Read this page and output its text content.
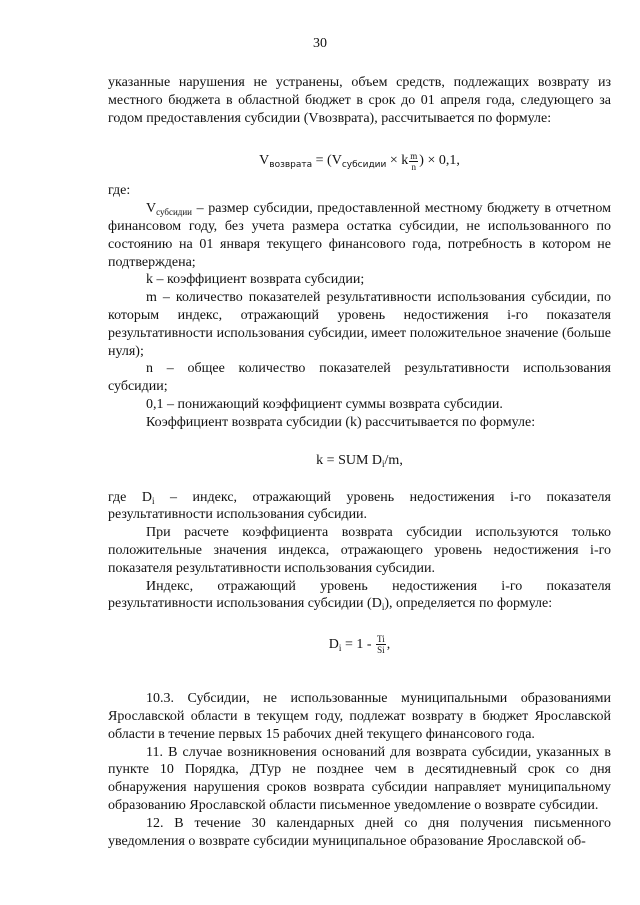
30

указанные нарушения не устранены, объем средств, подлежащих возврату из местного бюджета в областной бюджет в срок до 01 апреля года, следующего за годом предоставления субсидии (Vвозврата), рассчитывается по формуле:

$V_{возврата} = (V_{субсидии} \times k \frac{m}{n}$ ) × 0,1,

где:

$V_{субсидии}$ – размер субсидии, предоставленной местному бюджету в отчетном финансовом году, без учета размера остатка субсидии, не использованного по состоянию на 01 января текущего финансового года, потребность в котором не подтверждена;

k – коэффициент возврата субсидии;

m – количество показателей результативности использования субсидии, по которым индекс, отражающий уровень недостижения i-го показателя результативности использования субсидии, имеет положительное значение (больше нуля);

n – общее количество показателей результативности использования субсидии;

0,1 – понижающий коэффициент суммы возврата субсидии.

Коэффициент возврата субсидии (k) рассчитывается по формуле:

k = SUM $D_i/m$,

где $D_i$ – индекс, отражающий уровень недостижения i-го показателя результативности использования субсидии.

При расчете коэффициента возврата субсидии используются только положительные значения индекса, отражающего уровень недостижения i-го показателя результативности использования субсидии.

Индекс, отражающий уровень недостижения i-го показателя результативности использования субсидии $(D_i)$, определяется по формуле:

$D_i = 1 - \frac{Ti}{Si}$ ,

10.3. Субсидии, не использованные муниципальными образованиями Ярославской области в текущем году, подлежат возврату в бюджет Ярославской области в течение первых 15 рабочих дней текущего финансового года.

11. В случае возникновения оснований для возврата субсидии, указанных в пункте 10 Порядка, ДТур не позднее чем в десятидневный срок со дня обнаружения нарушения сроков возврата субсидии направляет муниципальному образованию Ярославской области письменное уведомление о возврате субсидии.

12. В течение 30 календарных дней со дня получения письменного уведомления о возврате субсидии муниципальное образование Ярославской об-
